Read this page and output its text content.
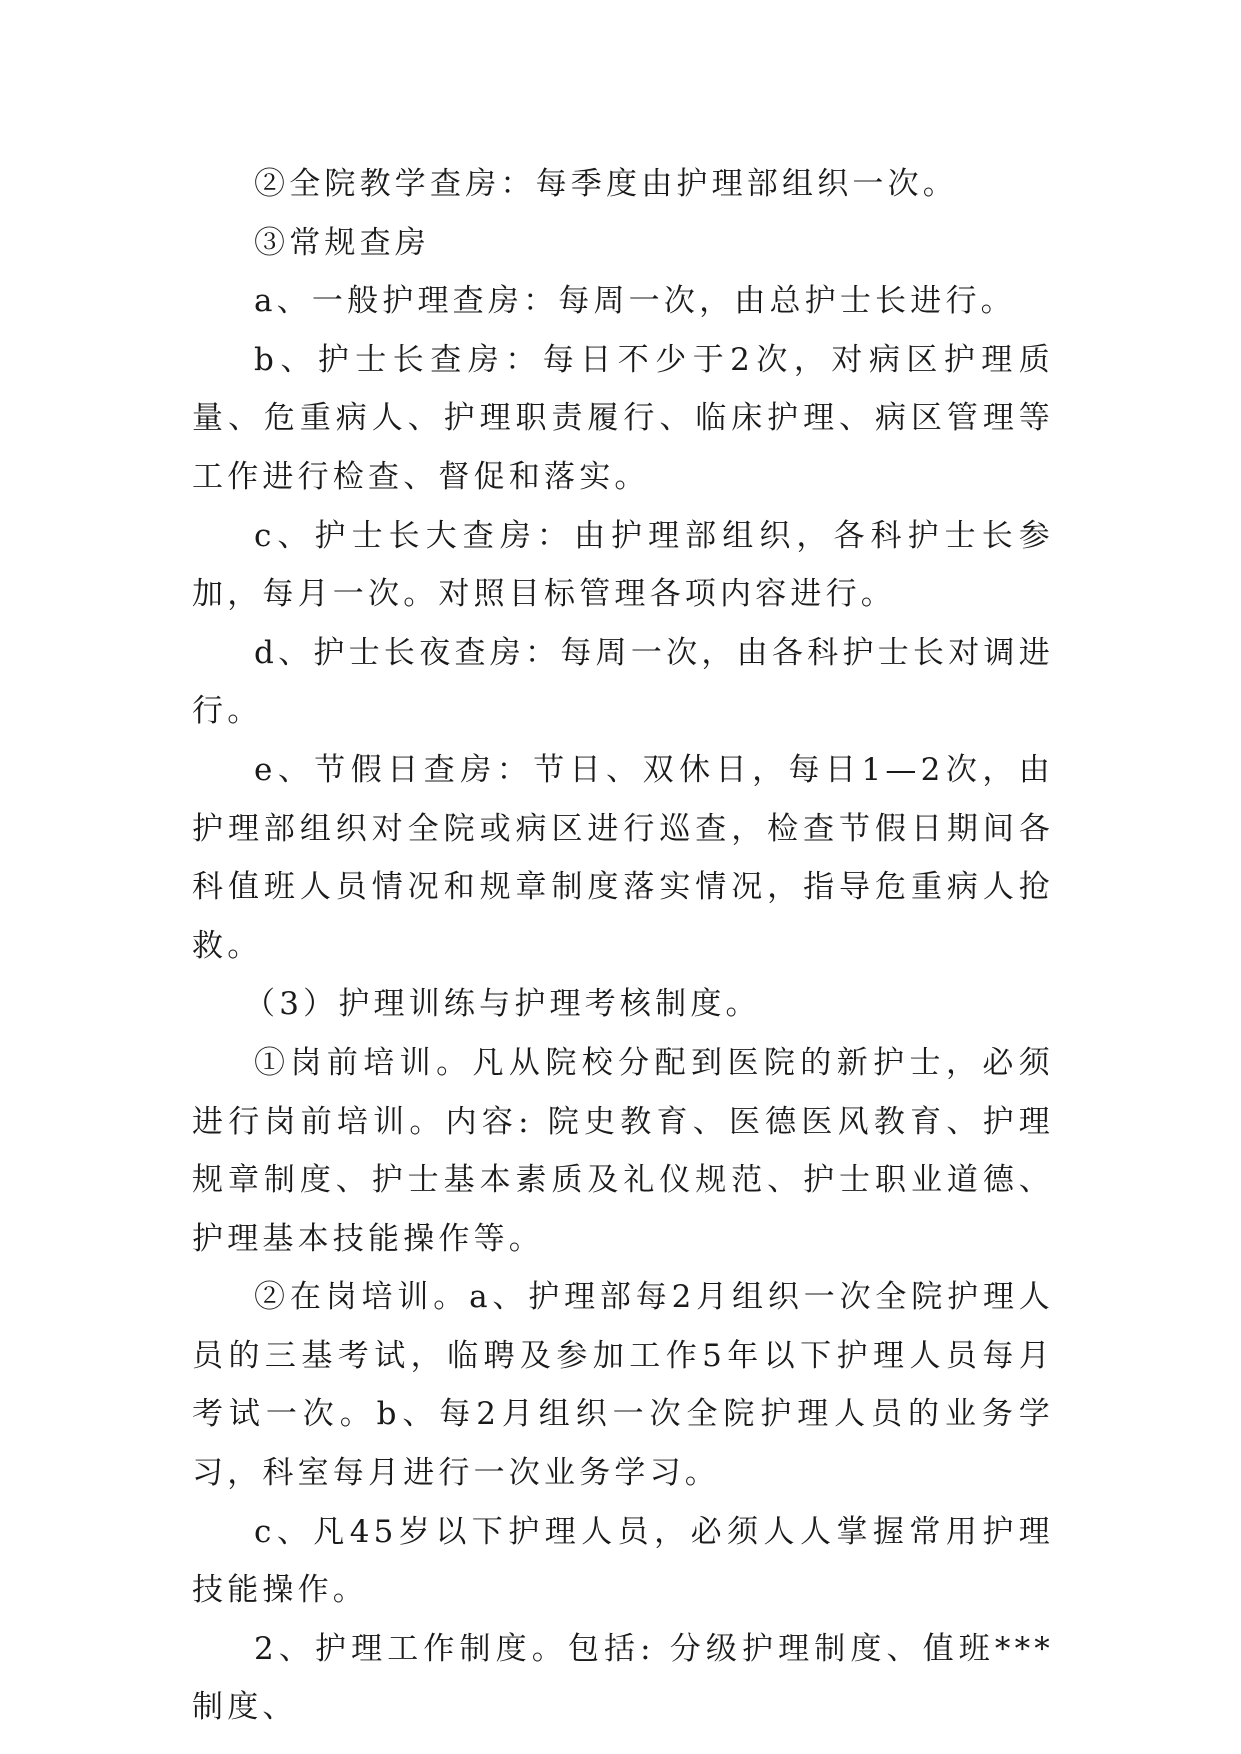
②全院教学查房：每季度由护理部组织一次。

③常规查房

a、一般护理查房：每周一次，由总护士长进行。

b、护士长查房：每日不少于2次，对病区护理质量、危重病人、护理职责履行、临床护理、病区管理等工作进行检查、督促和落实。

c、护士长大查房：由护理部组织，各科护士长参加，每月一次。对照目标管理各项内容进行。

d、护士长夜查房：每周一次，由各科护士长对调进行。

e、节假日查房：节日、双休日，每日1—2次，由护理部组织对全院或病区进行巡查，检查节假日期间各科值班人员情况和规章制度落实情况，指导危重病人抢救。

（3）护理训练与护理考核制度。

①岗前培训。凡从院校分配到医院的新护士，必须进行岗前培训。内容: 院史教育、医德医风教育、护理规章制度、护士基本素质及礼仪规范、护士职业道德、护理基本技能操作等。

②在岗培训。a、护理部每2月组织一次全院护理人员的三基考试，临聘及参加工作5年以下护理人员每月考试一次。b、每2月组织一次全院护理人员的业务学习，科室每月进行一次业务学习。

c、凡45岁以下护理人员，必须人人掌握常用护理技能操作。

2、护理工作制度。包括: 分级护理制度、值班***制度、
